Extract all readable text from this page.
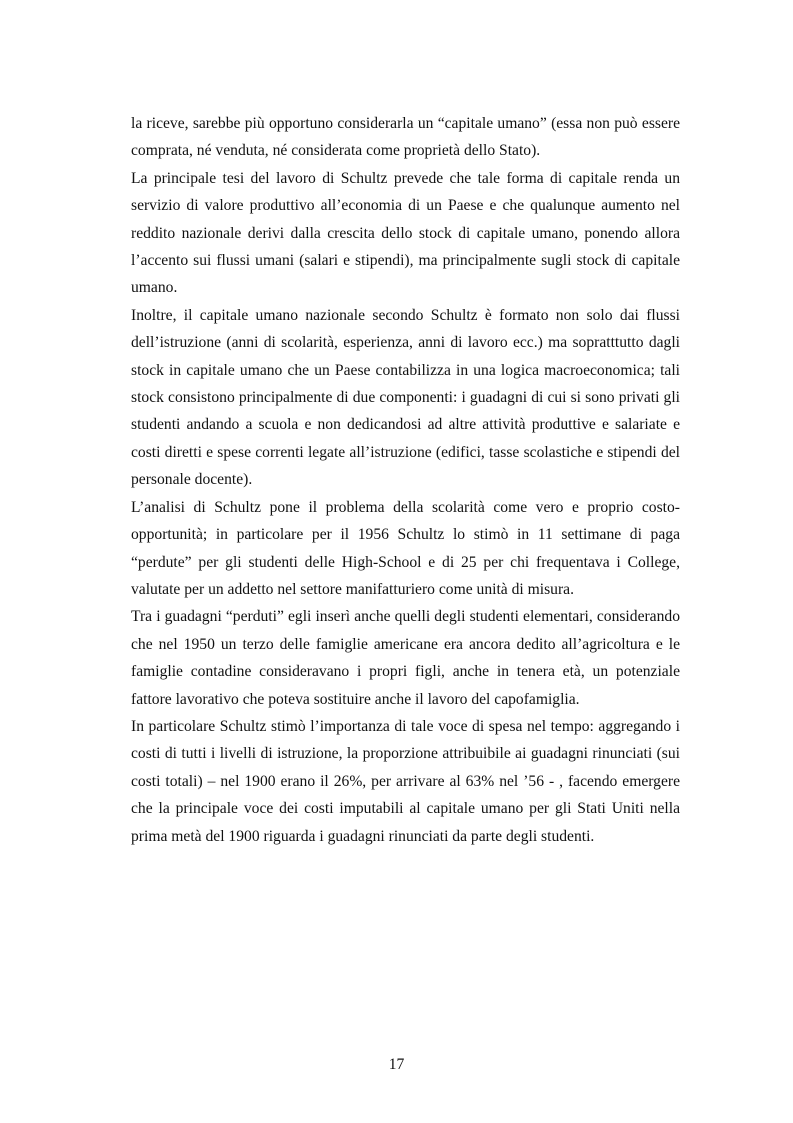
la riceve, sarebbe più opportuno considerarla un “capitale umano” (essa non può essere comprata, né venduta, né considerata come proprietà dello Stato).

La principale tesi del lavoro di Schultz prevede che tale forma di capitale renda un servizio di valore produttivo all’economia di un Paese e che qualunque aumento nel reddito nazionale derivi dalla crescita dello stock di capitale umano, ponendo allora l’accento sui flussi umani (salari e stipendi), ma principalmente sugli stock di capitale umano.

Inoltre, il capitale umano nazionale secondo Schultz è formato non solo dai flussi dell’istruzione (anni di scolarità, esperienza, anni di lavoro ecc.) ma sopratttutto dagli stock in capitale umano che un Paese contabilizza in una logica macroeconomica; tali stock consistono principalmente di due componenti: i guadagni di cui si sono privati gli studenti andando a scuola e non dedicandosi ad altre attività produttive e salariate e costi diretti e spese correnti legate all’istruzione (edifici, tasse scolastiche e stipendi del personale docente).

L’analisi di Schultz pone il problema della scolarità come vero e proprio costo-opportunità; in particolare per il 1956 Schultz lo stimò in 11 settimane di paga “perdute” per gli studenti delle High-School e di 25 per chi frequentava i College, valutate per un addetto nel settore manifatturiero come unità di misura.

Tra i guadagni “perduti” egli inserì anche quelli degli studenti elementari, considerando che nel 1950 un terzo delle famiglie americane era ancora dedito all’agricoltura e le famiglie contadine consideravano i propri figli, anche in tenera età, un potenziale fattore lavorativo che poteva sostituire anche il lavoro del capofamiglia.

In particolare Schultz stimò l’importanza di tale voce di spesa nel tempo: aggregando i costi di tutti i livelli di istruzione, la proporzione attribuibile ai guadagni rinunciati (sui costi totali) – nel 1900 erano il 26%, per arrivare al 63% nel ’56 - , facendo emergere che la principale voce dei costi imputabili al capitale umano per gli Stati Uniti nella prima metà del 1900 riguarda i guadagni rinunciati da parte degli studenti.

17
